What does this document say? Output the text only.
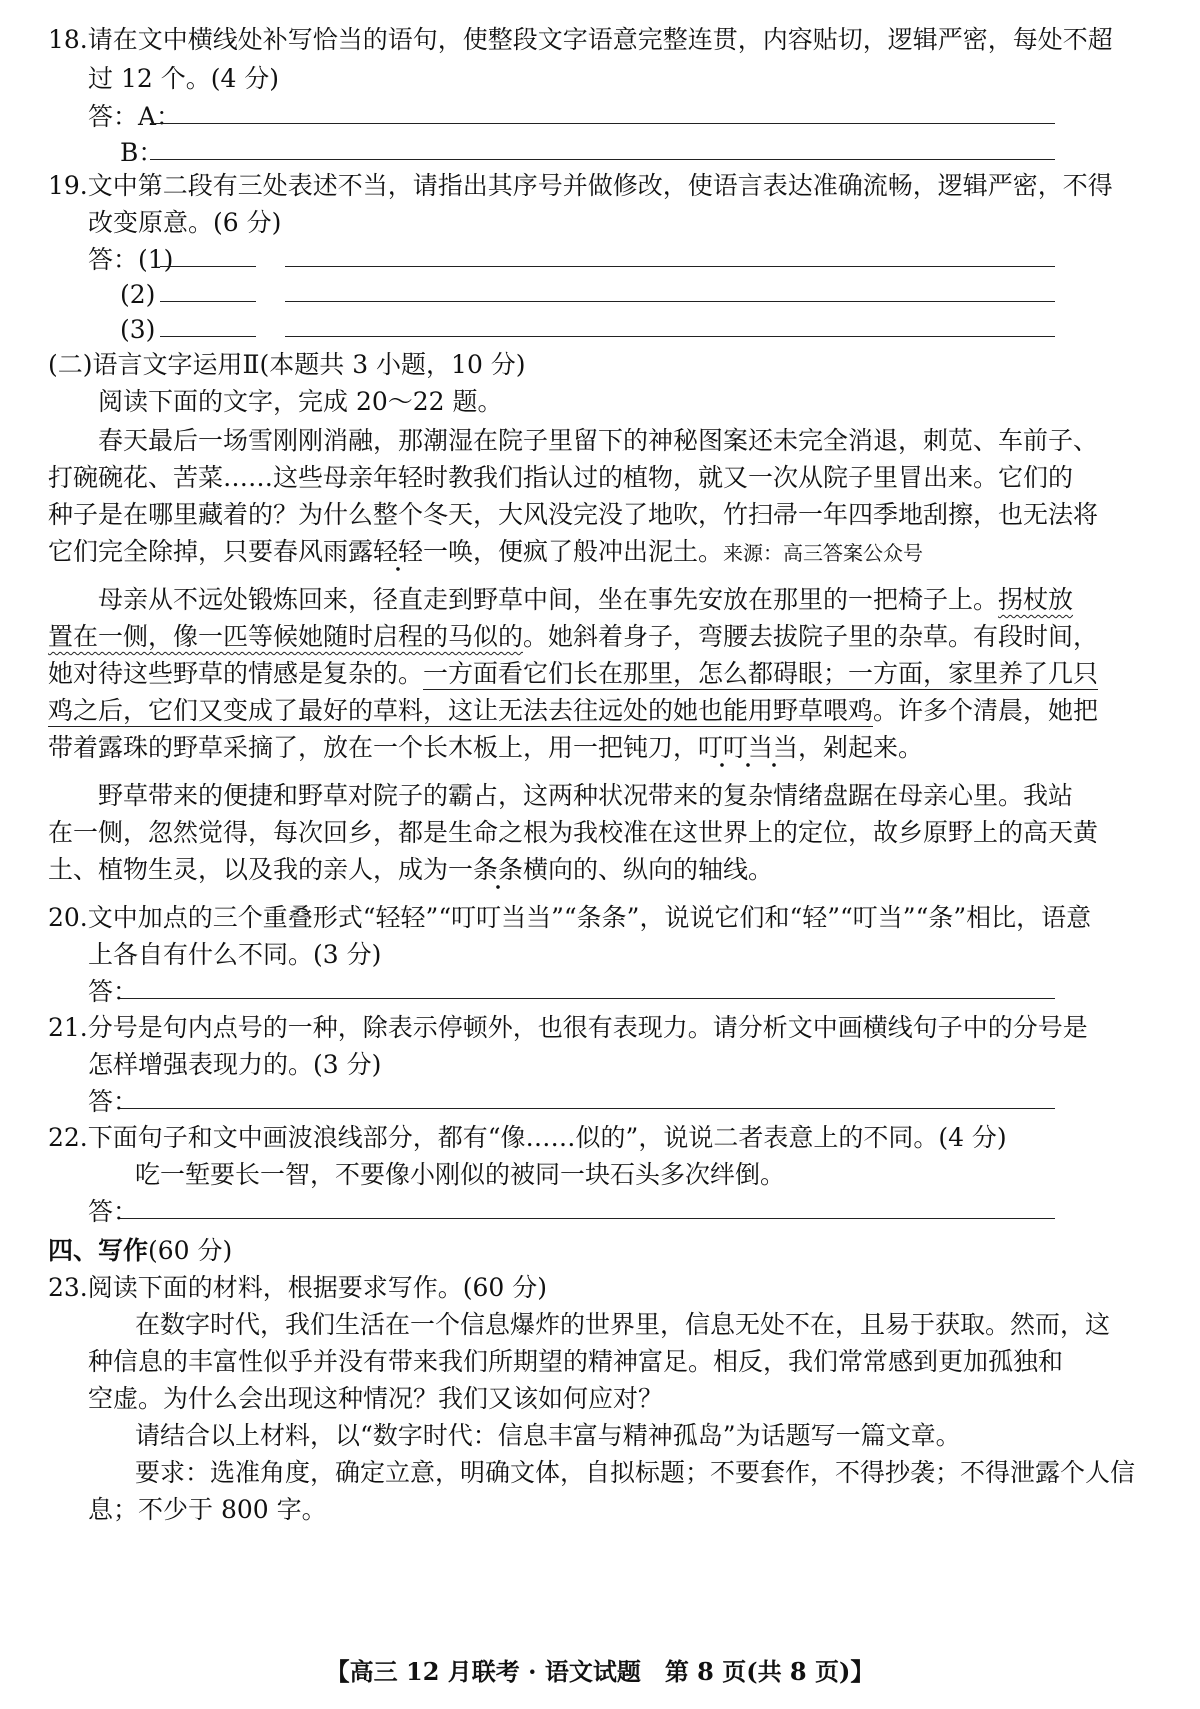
18.请在文中横线处补写恰当的语句，使整段文字语意完整连贯，内容贴切，逻辑严密，每处不超
过 12 个。(4 分)
答：A：
B：
19.文中第二段有三处表述不当，请指出其序号并做修改，使语言表达准确流畅，逻辑严密，不得
改变原意。(6 分)
答：(1)
(2)
(3)
(二)语言文字运用Ⅱ(本题共 3 小题，10 分)
阅读下面的文字，完成 20～22 题。
春天最后一场雪刚刚消融，那潮湿在院子里留下的神秘图案还未完全消退，刺苋、车前子、
打碗碗花、苦菜……这些母亲年轻时教我们指认过的植物，就又一次从院子里冒出来。它们的
种子是在哪里藏着的？为什么整个冬天，大风没完没了地吹，竹扫帚一年四季地刮擦，也无法将
它们完全除掉，只要春风雨露轻轻一唤，便疯了般冲出泥土。来源：高三答案公众号
母亲从不远处锻炼回来，径直走到野草中间，坐在事先安放在那里的一把椅子上。拐杖放
置在一侧，像一匹等候她随时启程的马似的。她斜着身子，弯腰去拔院子里的杂草。有段时间，
她对待这些野草的情感是复杂的。一方面看它们长在那里，怎么都碍眼；一方面，家里养了几只
鸡之后，它们又变成了最好的草料，这让无法去往远处的她也能用野草喂鸡。许多个清晨，她把
带着露珠的野草采摘了，放在一个长木板上，用一把钝刀，叮叮当当，剁起来。
野草带来的便捷和野草对院子的霸占，这两种状况带来的复杂情绪盘踞在母亲心里。我站
在一侧，忽然觉得，每次回乡，都是生命之根为我校准在这世界上的定位，故乡原野上的高天黄
土、植物生灵，以及我的亲人，成为一条条横向的、纵向的轴线。
20.文中加点的三个重叠形式“轻轻”“叮叮当当”“条条”，说说它们和“轻”“叮当”“条”相比，语意
上各自有什么不同。(3 分)
答：
21.分号是句内点号的一种，除表示停顿外，也很有表现力。请分析文中画横线句子中的分号是
怎样增强表现力的。(3 分)
答：
22.下面句子和文中画波浪线部分，都有“像……似的”，说说二者表意上的不同。(4 分)
吃一堑要长一智，不要像小刚似的被同一块石头多次绊倒。
答：
四、写作(60 分)
23.阅读下面的材料，根据要求写作。(60 分)
在数字时代，我们生活在一个信息爆炸的世界里，信息无处不在，且易于获取。然而，这
种信息的丰富性似乎并没有带来我们所期望的精神富足。相反，我们常常感到更加孤独和
空虚。为什么会出现这种情况？我们又该如何应对？
请结合以上材料，以“数字时代：信息丰富与精神孤岛”为话题写一篇文章。
要求：选准角度，确定立意，明确文体，自拟标题；不要套作，不得抄袭；不得泄露个人信
息；不少于 800 字。
【高三 12 月联考 · 语文试题　第 8 页(共 8 页)】
